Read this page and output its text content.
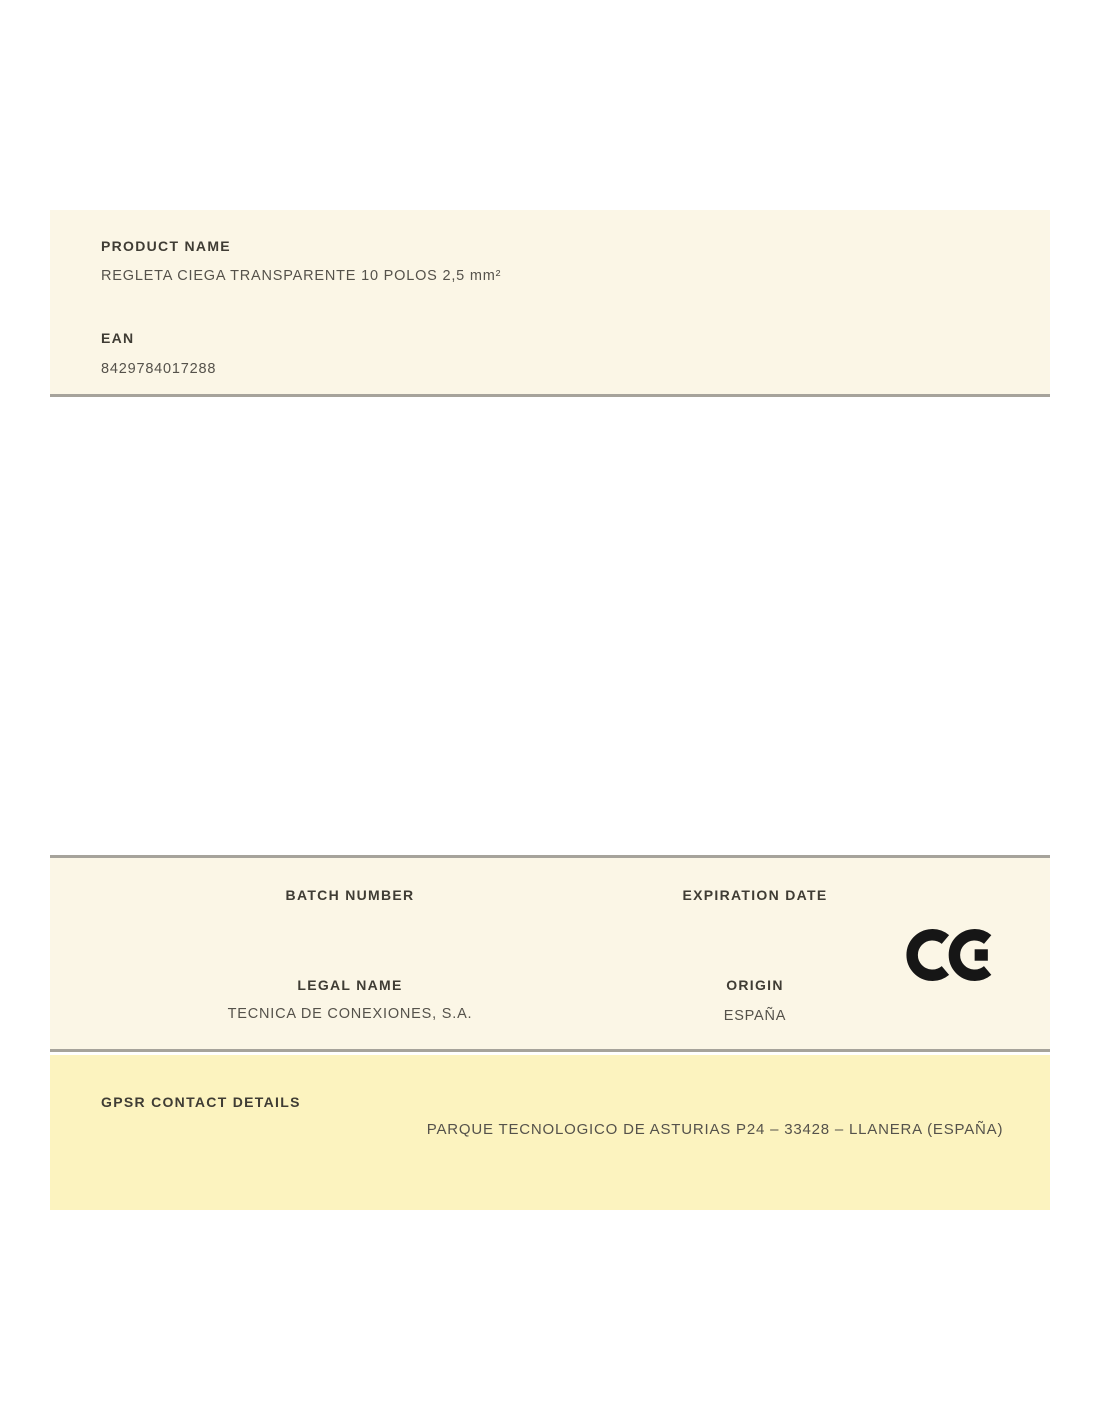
PRODUCT NAME
REGLETA CIEGA TRANSPARENTE 10 POLOS 2,5 mm²
EAN
8429784017288
BATCH NUMBER	EXPIRATION DATE
LEGAL NAME
TECNICA DE CONEXIONES, S.A.
ORIGIN
ESPAÑA
GPSR CONTACT DETAILS
PARQUE TECNOLOGICO DE ASTURIAS P24 – 33428 – LLANERA (ESPAÑA)
